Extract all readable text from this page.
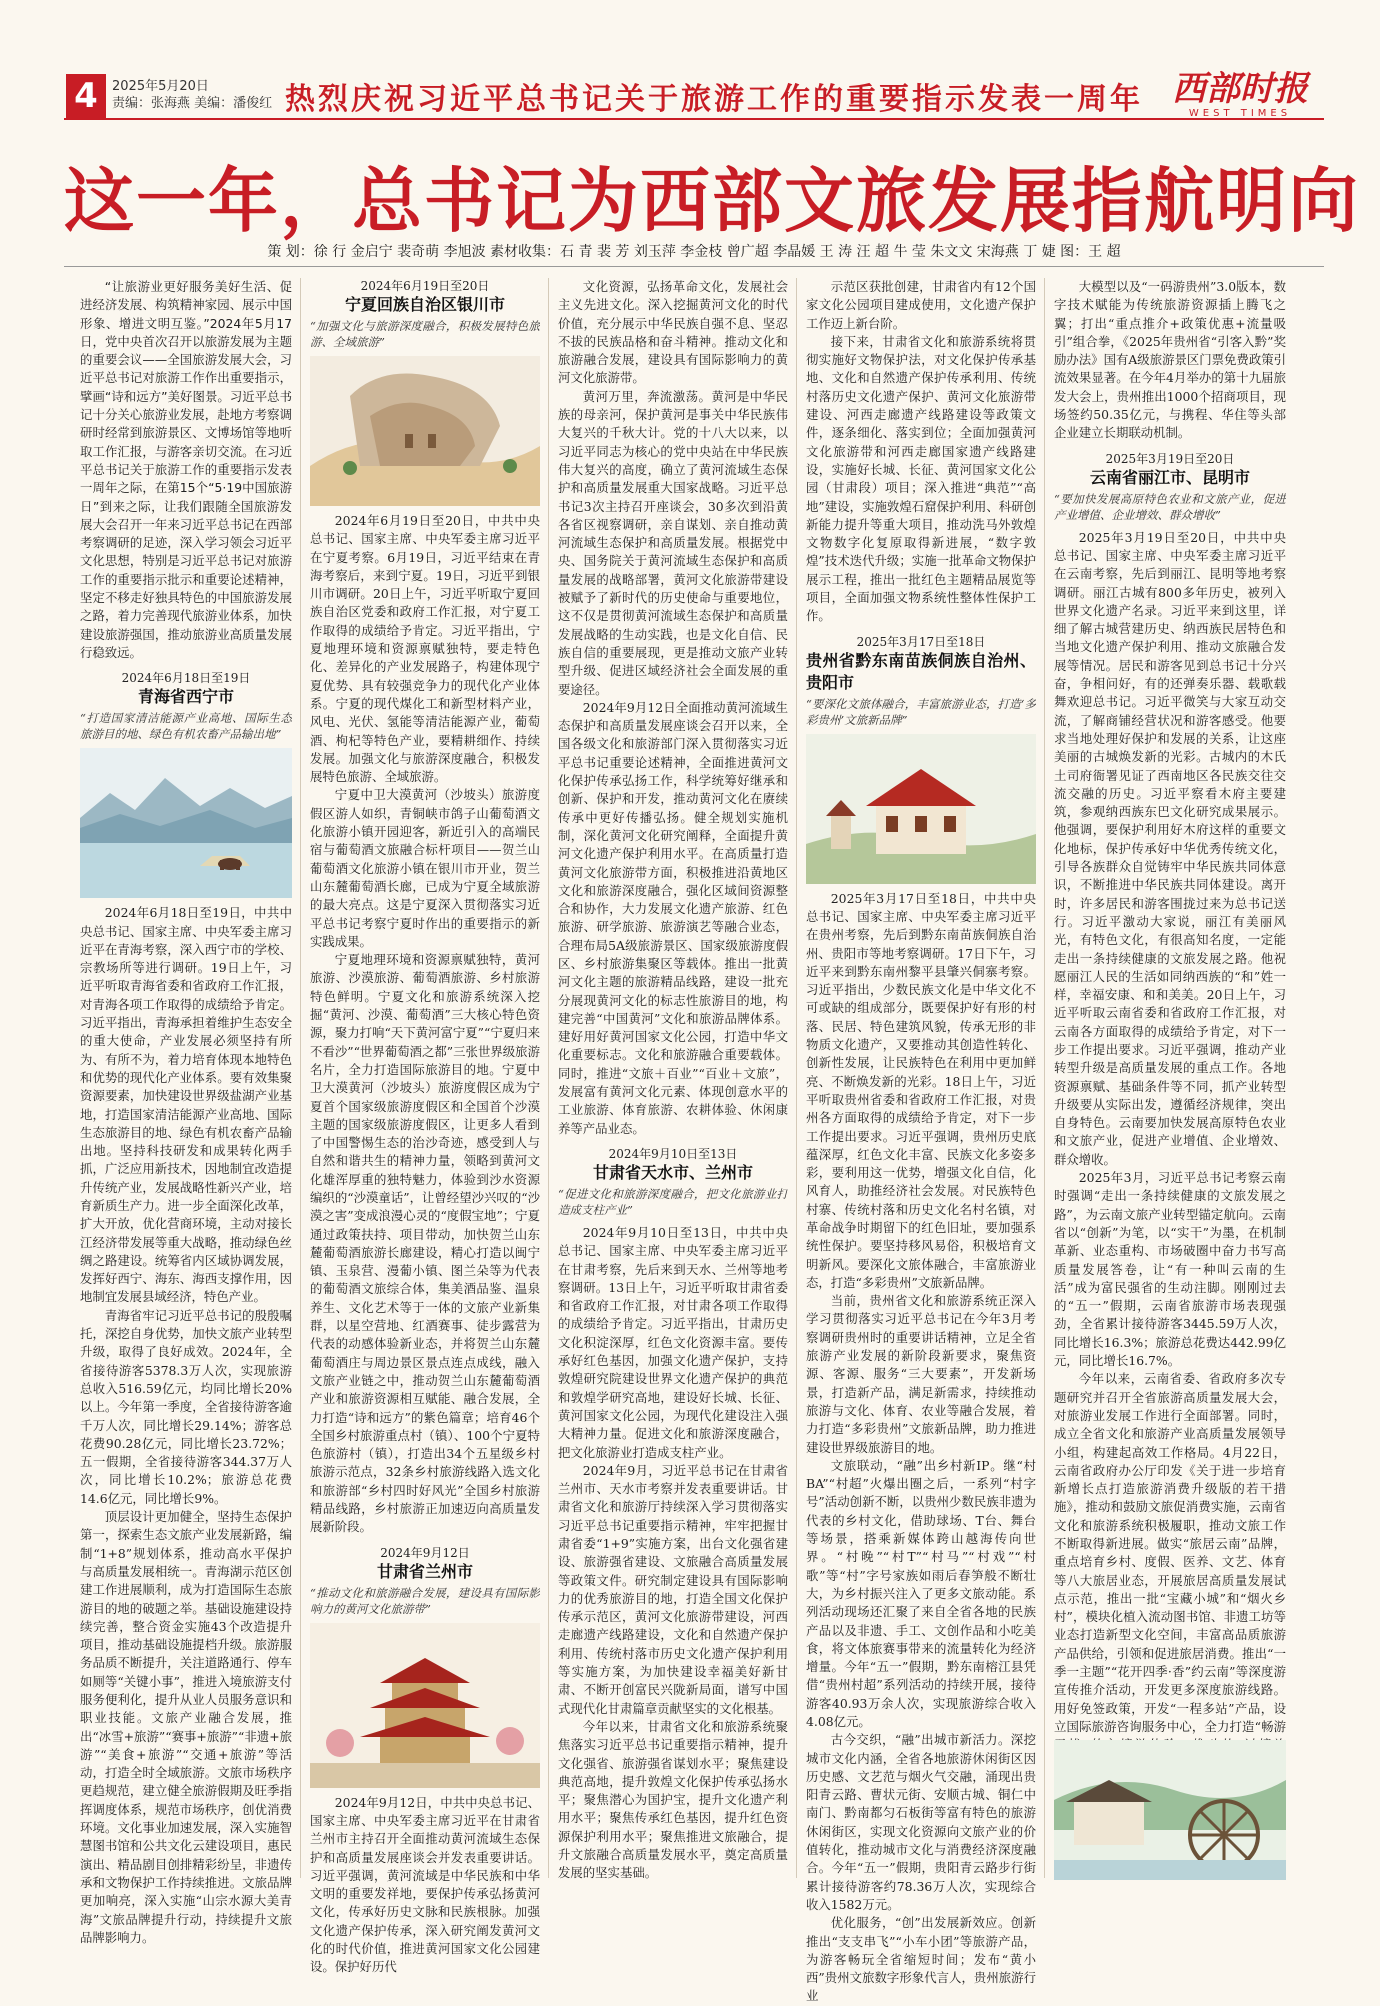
4	2025年5月20日
责编：张海燕 美编：潘俊红 热烈庆祝习近平总书记关于旅游工作的重要指示发表一周年 西部时报
WEST TIMES
这一年，总书记为西部文旅发展指航明向
策 划：徐 行 金启宁 裴奇萌 李旭波 素材收集：石 青 裴 芳 刘玉萍 李金枝 曾广超 李晶媛 王 涛 汪 超 牛 莹 朱文文 宋海燕 丁 婕 图：王 超

“让旅游业更好服务美好生活、促进经济发展、构筑精神家园、展示中国形象、增进文明互鉴。”2024年5月17日，党中央首次召开以旅游发展为主题的重要会议——全国旅游发展大会，习近平总书记对旅游工作作出重要指示，擘画“诗和远方”美好图景。习近平总书记十分关心旅游业发展，赴地方考察调研时经常到旅游景区、文博场馆等地听取工作汇报，与游客亲切交流。在习近平总书记关于旅游工作的重要指示发表一周年之际，在第15个“5·19中国旅游日”到来之际，让我们跟随全国旅游发展大会召开一年来习近平总书记在西部考察调研的足迹，深入学习领会习近平文化思想，特别是习近平总书记对旅游工作的重要指示批示和重要论述精神，坚定不移走好独具特色的中国旅游发展之路，着力完善现代旅游业体系，加快建设旅游强国，推动旅游业高质量发展行稳致远。

2024年6月18日至19日
青海省西宁市
“打造国家清洁能源产业高地、国际生态旅游目的地、绿色有机农畜产品输出地”

2024年6月18日至19日，中共中央总书记、国家主席、中央军委主席习近平在青海考察，深入西宁市的学校、宗教场所等进行调研。19日上午，习近平听取青海省委和省政府工作汇报，对青海各项工作取得的成绩给予肯定。习近平指出，青海承担着维护生态安全的重大使命，产业发展必须坚持有所为、有所不为，着力培育体现本地特色和优势的现代化产业体系。要有效集聚资源要素，加快建设世界级盐湖产业基地，打造国家清洁能源产业高地、国际生态旅游目的地、绿色有机农畜产品输出地。坚持科技研发和成果转化两手抓，广泛应用新技术，因地制宜改造提升传统产业，发展战略性新兴产业，培育新质生产力。进一步全面深化改革，扩大开放，优化营商环境，主动对接长江经济带发展等重大战略，推动绿色丝绸之路建设。统筹省内区域协调发展，发挥好西宁、海东、海西支撑作用，因地制宜发展县域经济，特色产业。

青海省牢记习近平总书记的殷殷嘱托，深挖自身优势，加快文旅产业转型升级，取得了良好成效。2024年，全省接待游客5378.3万人次，实现旅游总收入516.59亿元，均同比增长20%以上。今年第一季度，全省接待游客逾千万人次，同比增长29.14%；游客总花费90.28亿元，同比增长23.72%；五一假期，全省接待游客344.37万人次，同比增长10.2%；旅游总花费14.6亿元，同比增长9%。

顶层设计更加健全，坚持生态保护第一，探索生态文旅产业发展新路，编制“1+8”规划体系，推动高水平保护与高质量发展相统一。青海湖示范区创建工作进展顺利，成为打造国际生态旅游目的地的破题之举。基础设施建设持续完善，整合资金实施43个改造提升项目，推动基础设施提档升级。旅游服务品质不断提升，关注道路通行、停车如厕等“关键小事”，推进入境旅游支付服务便利化，提升从业人员服务意识和职业技能。文旅产业融合发展，推出“冰雪+旅游”“赛事+旅游”“非遗+旅游”“美食+旅游”“交通+旅游”等活动，打造全时全域旅游。文旅市场秩序更趋规范，建立健全旅游假期及旺季指挥调度体系，规范市场秩序，创优消费环境。文化事业加速发展，深入实施智慧图书馆和公共文化云建设项目，惠民演出、精品剧目创排精彩纷呈，非遗传承和文物保护工作持续推进。文旅品牌更加响亮，深入实施“山宗水源大美青海”文旅品牌提升行动，持续提升文旅品牌影响力。

2024年6月19日至20日
宁夏回族自治区银川市
“加强文化与旅游深度融合，积极发展特色旅游、全域旅游”

2024年6月19日至20日，中共中央总书记、国家主席、中央军委主席习近平在宁夏考察。6月19日，习近平结束在青海考察后，来到宁夏。19日，习近平到银川市调研。20日上午，习近平听取宁夏回族自治区党委和政府工作汇报，对宁夏工作取得的成绩给予肯定。习近平指出，宁夏地理环境和资源禀赋独特，要走特色化、差异化的产业发展路子，构建体现宁夏优势、具有较强竞争力的现代化产业体系。宁夏的现代煤化工和新型材料产业，风电、光伏、氢能等清洁能源产业，葡萄酒、枸杞等特色产业，要精耕细作、持续发展。加强文化与旅游深度融合，积极发展特色旅游、全域旅游。

宁夏中卫大漠黄河（沙坡头）旅游度假区游人如织，青铜峡市鸽子山葡萄酒文化旅游小镇开园迎客，新近引入的高端民宿与葡萄酒文旅融合标杆项目——贺兰山葡萄酒文化旅游小镇在银川市开业，贺兰山东麓葡萄酒长廊，已成为宁夏全域旅游的最大亮点。这是宁夏深入贯彻落实习近平总书记考察宁夏时作出的重要指示的新实践成果。

宁夏地理环境和资源禀赋独特，黄河旅游、沙漠旅游、葡萄酒旅游、乡村旅游特色鲜明。宁夏文化和旅游系统深入挖掘“黄河、沙漠、葡萄酒”三大核心特色资源，聚力打响“天下黄河富宁夏”“宁夏归来不看沙”“世界葡萄酒之都”三张世界级旅游名片，全力打造国际旅游目的地。宁夏中卫大漠黄河（沙坡头）旅游度假区成为宁夏首个国家级旅游度假区和全国首个沙漠主题的国家级旅游度假区，让更多人看到了中国警惕生态的治沙奇迹，感受到人与自然和谐共生的精神力量，领略到黄河文化雄浑厚重的独特魅力，体验到沙水资源编织的“沙漠童话”，让曾经望沙兴叹的“沙漠之害”变成浪漫心灵的“度假宝地”；宁夏通过政策扶持、项目带动，加快贺兰山东麓葡萄酒旅游长廊建设，精心打造以闽宁镇、玉泉营、漫葡小镇、图兰朵等为代表的葡萄酒文旅综合体，集美酒品鉴、温泉养生、文化艺术等于一体的文旅产业新集群，以星空营地、红酒赛事、徒步露营为代表的动感体验新业态，并将贺兰山东麓葡萄酒庄与周边景区景点连点成线，融入文旅产业链之中，推动贺兰山东麓葡萄酒产业和旅游资源相互赋能、融合发展，全力打造“诗和远方”的紫色篇章；培育46个全国乡村旅游重点村（镇）、100个宁夏特色旅游村（镇），打造出34个五星级乡村旅游示范点，32条乡村旅游线路入选文化和旅游部“乡村四时好风光”全国乡村旅游精品线路，乡村旅游正加速迈向高质量发展新阶段。

2024年9月12日
甘肃省兰州市
“推动文化和旅游融合发展，建设具有国际影响力的黄河文化旅游带”

2024年9月12日，中共中央总书记、国家主席、中央军委主席习近平在甘肃省兰州市主持召开全面推动黄河流域生态保护和高质量发展座谈会并发表重要讲话。习近平强调，黄河流域是中华民族和中华文明的重要发祥地，要保护传承弘扬黄河文化，传承好历史文脉和民族根脉。加强文化遗产保护传承，深入研究阐发黄河文化的时代价值，推进黄河国家文化公园建设。保护好历代

文化资源，弘扬革命文化，发展社会主义先进文化。深入挖掘黄河文化的时代价值，充分展示中华民族自强不息、坚忍不拔的民族品格和奋斗精神。推动文化和旅游融合发展，建设具有国际影响力的黄河文化旅游带。

黄河万里，奔流激荡。黄河是中华民族的母亲河，保护黄河是事关中华民族伟大复兴的千秋大计。党的十八大以来，以习近平同志为核心的党中央站在中华民族伟大复兴的高度，确立了黄河流域生态保护和高质量发展重大国家战略。习近平总书记3次主持召开座谈会，30多次到沿黄各省区视察调研，亲自谋划、亲自推动黄河流域生态保护和高质量发展。根据党中央、国务院关于黄河流域生态保护和高质量发展的战略部署，黄河文化旅游带建设被赋予了新时代的历史使命与重要地位，这不仅是贯彻黄河流域生态保护和高质量发展战略的生动实践，也是文化自信、民族自信的重要展现，更是推动文旅产业转型升级、促进区域经济社会全面发展的重要途径。

2024年9月12日全面推动黄河流域生态保护和高质量发展座谈会召开以来，全国各级文化和旅游部门深入贯彻落实习近平总书记重要论述精神，全面推进黄河文化保护传承弘扬工作，科学统筹好继承和创新、保护和开发，推动黄河文化在赓续传承中更好传播弘扬。健全规划实施机制，深化黄河文化研究阐释，全面提升黄河文化遗产保护利用水平。在高质量打造黄河文化旅游带方面，积极推进沿黄地区文化和旅游深度融合，强化区域间资源整合和协作，大力发展文化遗产旅游、红色旅游、研学旅游、旅游演艺等融合业态，合理布局5A级旅游景区、国家级旅游度假区、乡村旅游集聚区等载体。推出一批黄河文化主题的旅游精品线路，建设一批充分展现黄河文化的标志性旅游目的地，构建完善“中国黄河”文化和旅游品牌体系。建好用好黄河国家文化公园，打造中华文化重要标志。文化和旅游融合重要载体。同时，推进“文旅＋百业”“百业＋文旅”，发展富有黄河文化元素、体现创意水平的工业旅游、体育旅游、农耕体验、休闲康养等产品业态。

2024年9月10日至13日
甘肃省天水市、兰州市
“促进文化和旅游深度融合，把文化旅游业打造成支柱产业”

2024年9月10日至13日，中共中央总书记、国家主席、中央军委主席习近平在甘肃考察，先后来到天水、兰州等地考察调研。13日上午，习近平听取甘肃省委和省政府工作汇报，对甘肃各项工作取得的成绩给予肯定。习近平指出，甘肃历史文化积淀深厚，红色文化资源丰富。要传承好红色基因，加强文化遗产保护，支持敦煌研究院建设世界文化遗产保护的典范和敦煌学研究高地，建设好长城、长征、黄河国家文化公园，为现代化建设注入强大精神力量。促进文化和旅游深度融合，把文化旅游业打造成支柱产业。

2024年9月，习近平总书记在甘肃省兰州市、天水市考察并发表重要讲话。甘肃省文化和旅游厅持续深入学习贯彻落实习近平总书记重要指示精神，牢牢把握甘肃省委“1+9”实施方案，出台文化强省建设、旅游强省建设、文旅融合高质量发展等政策文件。研究制定建设具有国际影响力的优秀旅游目的地，打造全国文化保护传承示范区，黄河文化旅游带建设，河西走廊遗产线路建设，文化和自然遗产保护利用、传统村落市历史文化遗产保护利用等实施方案，为加快建设幸福美好新甘肃、不断开创富民兴陇新局面，谱写中国式现代化甘肃篇章贡献坚实的文化根基。

今年以来，甘肃省文化和旅游系统聚焦落实习近平总书记重要指示精神，提升文化强省、旅游强省谋划水平；聚焦建设典范高地，提升敦煌文化保护传承弘扬水平；聚焦潜心为国护宝，提升文化遗产利用水平；聚焦传承红色基因，提升红色资源保护利用水平；聚焦推进文旅融合，提升文旅融合高质量发展水平，奠定高质量发展的坚实基础。

示范区获批创建，甘肃省内有12个国家文化公园项目建成使用，文化遗产保护工作迈上新台阶。

接下来，甘肃省文化和旅游系统将贯彻实施好文物保护法，对文化保护传承基地、文化和自然遗产保护传承利用、传统村落历史文化遗产保护、黄河文化旅游带建设、河西走廊遗产线路建设等政策文件，逐条细化、落实到位；全面加强黄河文化旅游带和河西走廊国家遗产线路建设，实施好长城、长征、黄河国家文化公园（甘肃段）项目；深入推进“典范”“高地”建设，实施敦煌石窟保护利用、科研创新能力提升等重大项目，推动洗马外敦煌文物数字化复原取得新进展，“数字敦煌”技术迭代升级；实施一批革命文物保护展示工程，推出一批红色主题精品展览等项目，全面加强文物系统性整体性保护工作。

2025年3月17日至18日
贵州省黔东南苗族侗族自治州、贵阳市
“要深化文旅体融合，丰富旅游业态，打造‘多彩贵州’文旅新品牌”

2025年3月17日至18日，中共中央总书记、国家主席、中央军委主席习近平在贵州考察，先后到黔东南苗族侗族自治州、贵阳市等地考察调研。17日下午，习近平来到黔东南州黎平县肇兴侗寨考察。习近平指出，少数民族文化是中华文化不可或缺的组成部分，既要保护好有形的村落、民居、特色建筑风貌，传承无形的非物质文化遗产，又要推动其创造性转化、创新性发展，让民族特色在利用中更加鲜亮、不断焕发新的光彩。18日上午，习近平听取贵州省委和省政府工作汇报，对贵州各方面取得的成绩给予肯定，对下一步工作提出要求。习近平强调，贵州历史底蕴深厚，红色文化丰富、民族文化多姿多彩，要利用这一优势，增强文化自信，化风育人，助推经济社会发展。对民族特色村寨、传统村落和历史文化名村名镇，对革命战争时期留下的红色旧址，要加强系统性保护。要坚持移风易俗，积极培育文明新风。要深化文旅体融合，丰富旅游业态，打造“多彩贵州”文旅新品牌。

当前，贵州省文化和旅游系统正深入学习贯彻落实习近平总书记在今年3月考察调研贵州时的重要讲话精神，立足全省旅游产业发展的新阶段新要求，聚焦资源、客源、服务“三大要素”，开发新场景，打造新产品，满足新需求，持续推动旅游与文化、体育、农业等融合发展，着力打造“多彩贵州”文旅新品牌，助力推进建设世界级旅游目的地。

文旅联动，“融”出乡村新IP。继“村BA”“村超”火爆出圈之后，一系列“村字号”活动创新不断，以贵州少数民族非遗为代表的乡村文化，借助球场、T台、舞台等场景，搭乘新媒体跨山越海传向世界。“村晚”“村T”“村马”“村戏”“村歌”等“村”字号家族如雨后春笋般不断壮大，为乡村振兴注入了更多文旅动能。系列活动现场还汇聚了来自全省各地的民族产品以及非遗、手工、文创作品和小吃美食，将文体旅赛事带来的流量转化为经济增量。今年“五一”假期，黔东南榕江县凭借“贵州村超”系列活动的持续开展，接待游客40.93万余人次，实现旅游综合收入4.08亿元。

古今交织，“融”出城市新活力。深挖城市文化内涵，全省各地旅游休闲街区因历史感、文艺范与烟火气交融，涌现出贵阳青云路、曹状元街、安顺古城、铜仁中南门、黔南都匀石板街等富有特色的旅游休闲街区，实现文化资源向文旅产业的价值转化，推动城市文化与消费经济深度融合。今年“五一”假期，贵阳青云路步行街累计接待游客约78.36万人次，实现综合收入1582万元。

优化服务，“创”出发展新效应。创新推出“支支串飞”“小车小团”等旅游产品，为游客畅玩全省缩短时间；发布“黄小西”贵州文旅数字形象代言人，贵州旅游行业

大模型以及“一码游贵州”3.0版本，数字技术赋能为传统旅游资源插上腾飞之翼；打出“重点推介+政策优惠+流量吸引”组合拳，《2025年贵州省“引客入黔”奖励办法》国有A级旅游景区门票免费政策引流效果显著。在今年4月举办的第十九届旅发大会上，贵州推出1000个招商项目，现场签约50.35亿元，与携程、华住等头部企业建立长期联动机制。

2025年3月19日至20日
云南省丽江市、昆明市
“要加快发展高原特色农业和文旅产业，促进产业增值、企业增效、群众增收”

2025年3月19日至20日，中共中央总书记、国家主席、中央军委主席习近平在云南考察，先后到丽江、昆明等地考察调研。丽江古城有800多年历史，被列入世界文化遗产名录。习近平来到这里，详细了解古城营建历史、纳西族民居特色和当地文化遗产保护利用、推动文旅融合发展等情况。居民和游客见到总书记十分兴奋，争相问好，有的还弹奏乐器、载歌载舞欢迎总书记。习近平微笑与大家互动交流，了解商铺经营状况和游客感受。他要求当地处理好保护和发展的关系，让这座美丽的古城焕发新的光彩。古城内的木氏土司府衙署见证了西南地区各民族交往交流交融的历史。习近平察看木府主要建筑，参观纳西族东巴文化研究成果展示。他强调，要保护利用好木府这样的重要文化地标，保护传承好中华优秀传统文化，引导各族群众自觉铸牢中华民族共同体意识，不断推进中华民族共同体建设。离开时，许多居民和游客围拢过来为总书记送行。习近平激动大家说，丽江有美丽风光，有特色文化，有很高知名度，一定能走出一条持续健康的文旅发展之路。他祝愿丽江人民的生活如同纳西族的“和”姓一样，幸福安康、和和美美。20日上午，习近平听取云南省委和省政府工作汇报，对云南各方面取得的成绩给予肯定，对下一步工作提出要求。习近平强调，推动产业转型升级是高质量发展的重点工作。各地资源禀赋、基础条件等不同，抓产业转型升级要从实际出发，遵循经济规律，突出自身特色。云南要加快发展高原特色农业和文旅产业，促进产业增值、企业增效、群众增收。

2025年3月，习近平总书记考察云南时强调“走出一条持续健康的文旅发展之路”，为云南文旅产业转型锚定航向。云南省以“创新”为笔，以“实干”为墨，在机制革新、业态重构、市场破圈中奋力书写高质量发展答卷，让“有一种叫云南的生活”成为富民强省的生动注脚。刚刚过去的“五一”假期，云南省旅游市场表现强劲，全省累计接待游客3445.59万人次，同比增长16.3%；旅游总花费达442.99亿元，同比增长16.7%。

今年以来，云南省委、省政府多次专题研究并召开全省旅游高质量发展大会，对旅游业发展工作进行全面部署。同时，成立全省文化和旅游产业高质量发展领导小组，构建起高效工作格局。4月22日，云南省政府办公厅印发《关于进一步培育新增长点打造旅游消费升级版的若干措施》，推动和鼓励文旅促消费实施，云南省文化和旅游系统积极履职，推动文旅工作不断取得新进展。做实“旅居云南”品牌，重点培育乡村、度假、医养、文艺、体育等八大旅居业态，开展旅居高质量发展试点示范，推出一批“宝藏小城”和“烟火乡村”，模块化植入流动图书馆、非遗工坊等业态打造新型文化空间，丰富高品质旅游产品供给，引领和促进旅居消费。推出“一季一主题”“花开四季·香”约云南”等深度游宣传推介活动，开发更多深度旅游线路。用好免签政策，开发“一程多站”产品，设立国际旅游咨询服务中心，全力打造“畅游
